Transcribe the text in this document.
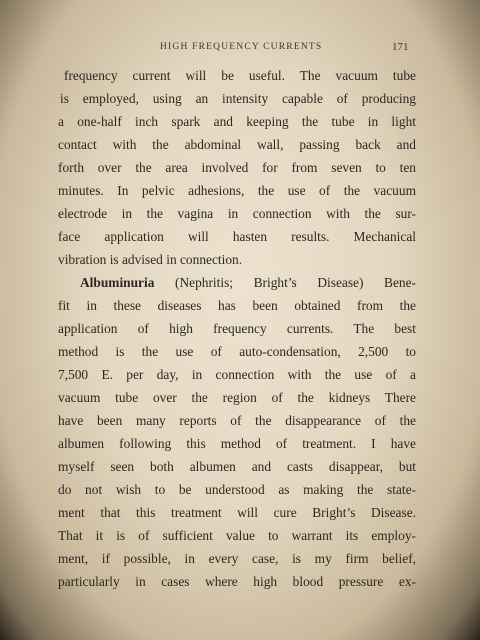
HIGH FREQUENCY CURRENTS	171
frequency current will be useful. The vacuum tube
is employed, using an intensity capable of producing
a one-half inch spark and keeping the tube in light
contact with the abdominal wall, passing back and
forth over the area involved for from seven to ten
minutes. In pelvic adhesions, the use of the vacuum
electrode in the vagina in connection with the sur-
face application will hasten results. Mechanical
vibration is advised in connection.
Albuminuria (Nephritis; Bright’s Disease) Bene-
fit in these diseases has been obtained from the
application of high frequency currents. The best
method is the use of auto-condensation, 2,500 to
7,500 E. per day, in connection with the use of a
vacuum tube over the region of the kidneys There
have been many reports of the disappearance of the
albumen following this method of treatment. I have
myself seen both albumen and casts disappear, but
do not wish to be understood as making the state-
ment that this treatment will cure Bright’s Disease.
That it is of sufficient value to warrant its employ-
ment, if possible, in every case, is my firm belief,
particularly in cases where high blood pressure ex-
